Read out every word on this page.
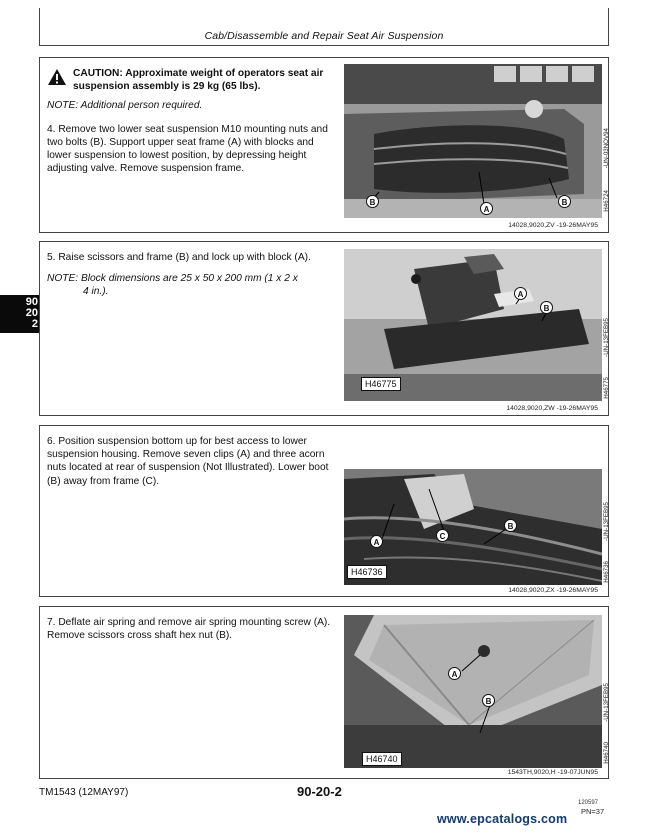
Cab/Disassemble and Repair Seat Air Suspension
90
20
2
CAUTION: Approximate weight of operators seat air suspension assembly is 29 kg (65 lbs).
NOTE: Additional person required.
4. Remove two lower seat suspension M10 mounting nuts and two bolts (B). Support upper seat frame (A) with blocks and lower suspension to lowest position, by depressing height adjusting valve. Remove suspension frame.
B
A
B
-UN-03NOV94
H46724
14028,9020,ZV -19-26MAY95
5. Raise scissors and frame (B) and lock up with block (A).
NOTE: Block dimensions are 25 x 50 x 200 mm (1 x 2 x
4 in.).	A
B
H46775
-UN-13FEB95
H46775
14028,9020,ZW -19-26MAY95
6. Position suspension bottom up for best access to lower suspension housing. Remove seven clips (A) and three acorn nuts located at rear of suspension (Not Illustrated). Lower boot (B) away from frame (C).
A
C
B
H46736
-UN-13FEB95
H46736
14028,9020,ZX -19-26MAY95
7. Deflate air spring and remove air spring mounting screw (A). Remove scissors cross shaft hex nut (B).
A
B
H46740
-UN-13FEB95
H46740
1543TH,9020,H -19-07JUN95
TM1543 (12MAY97)	90-20-2
120597
PN=37
www.epcatalogs.com
